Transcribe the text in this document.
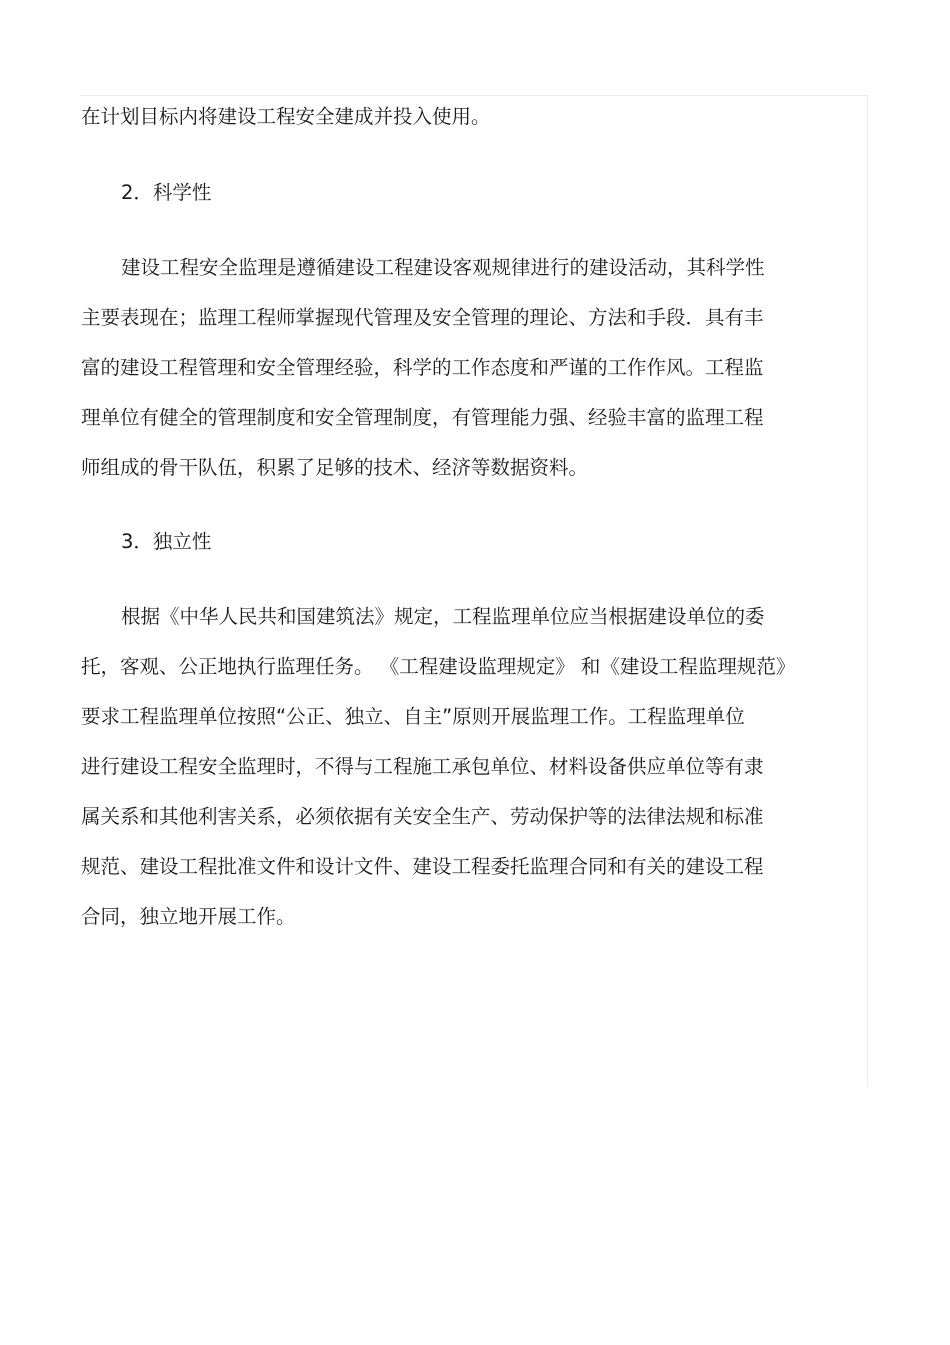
在计划目标内将建设工程安全建成并投入使用。

2．科学性

建设工程安全监理是遵循建设工程建设客观规律进行的建设活动，其科学性

主要表现在；监理工程师掌握现代管理及安全管理的理论、方法和手段．具有丰

富的建设工程管理和安全管理经验，科学的工作态度和严谨的工作作风。工程监

理单位有健全的管理制度和安全管理制度，有管理能力强、经验丰富的监理工程

师组成的骨干队伍，积累了足够的技术、经济等数据资料。

3．独立性

根据《中华人民共和国建筑法》规定，工程监理单位应当根据建设单位的委

托，客观、公正地执行监理任务。 《工程建设监理规定》 和《建设工程监理规范》

要求工程监理单位按照“公正、独立、自主”原则开展监理工作。工程监理单位

进行建设工程安全监理时，不得与工程施工承包单位、材料设备供应单位等有隶

属关系和其他利害关系，必须依据有关安全生产、劳动保护等的法律法规和标准

规范、建设工程批准文件和设计文件、建设工程委托监理合同和有关的建设工程

合同，独立地开展工作。
